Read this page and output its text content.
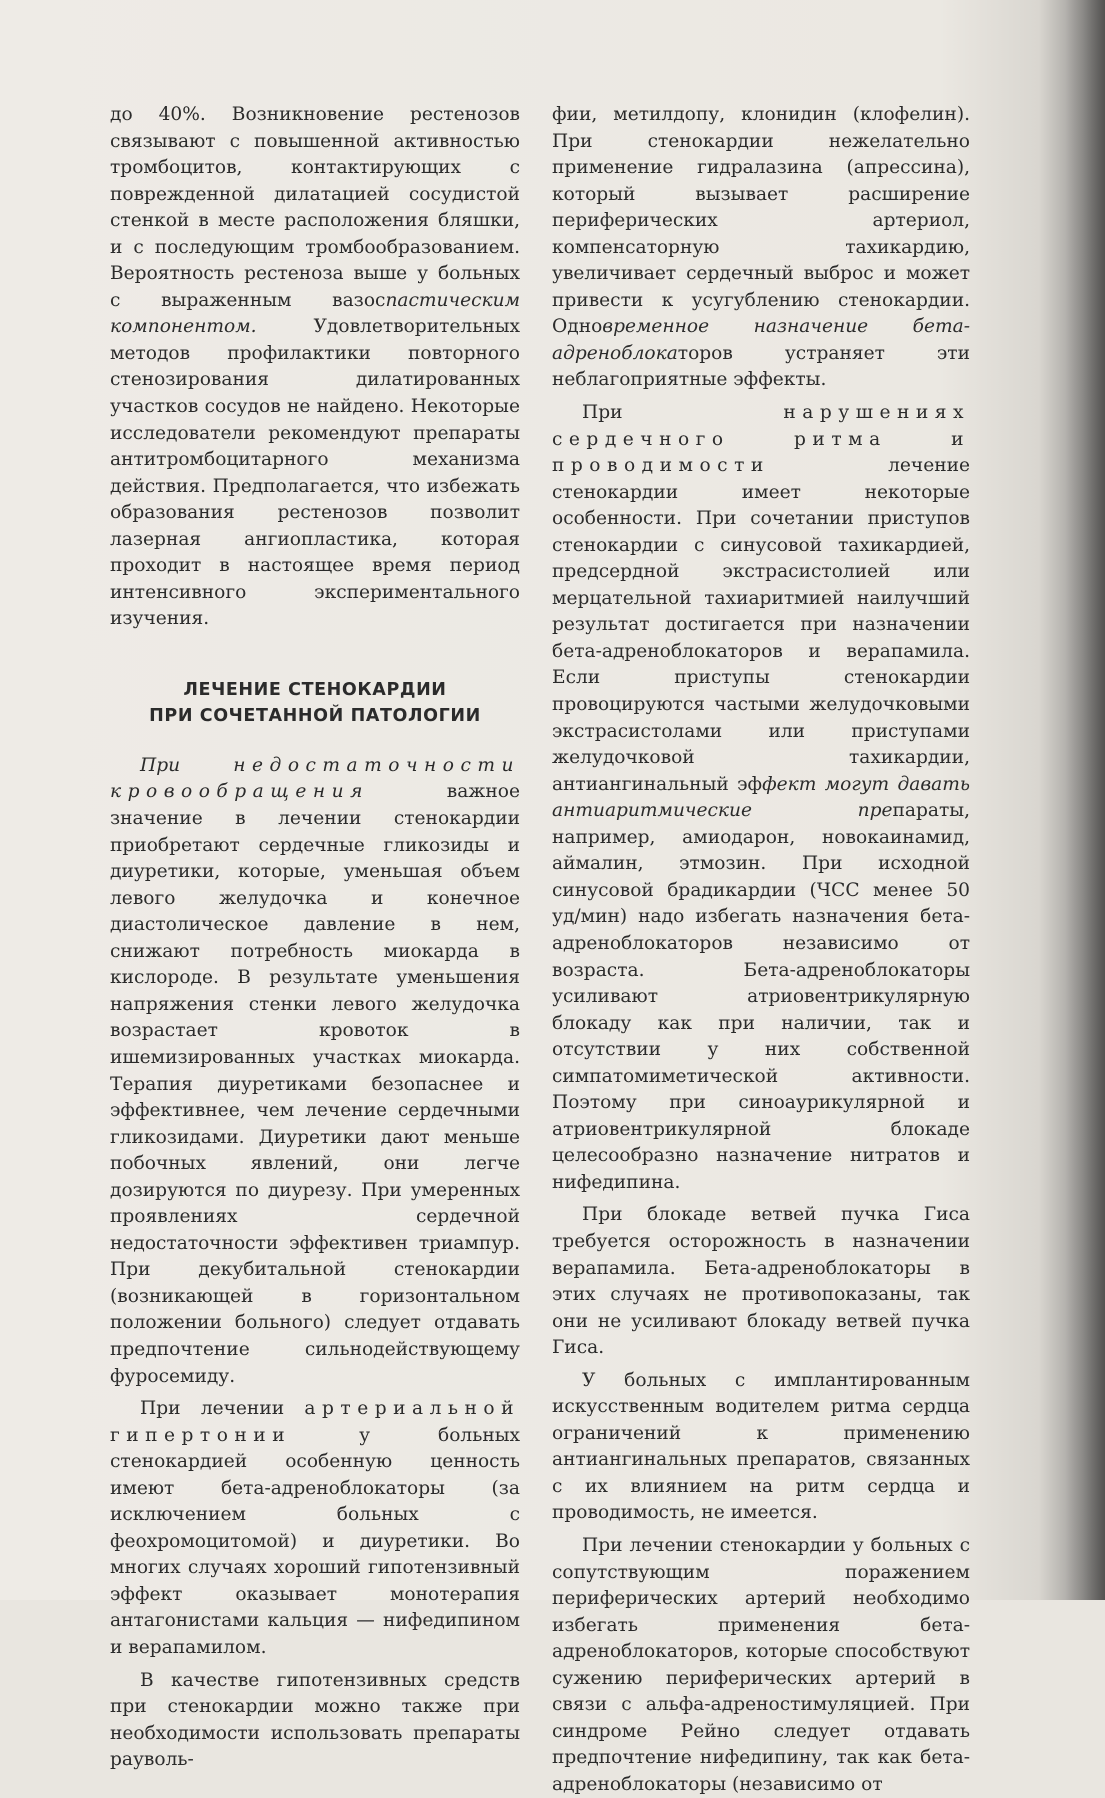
до 40%. Возникновение рестенозов связывают с повышенной активностью тромбоцитов, контактирующих с поврежденной дилатацией сосудистой стенкой в месте расположения бляшки, и с последующим тромбообразованием. Вероятность рестеноза выше у больных с выраженным вазоспастическим компонентом. Удовлетворительных методов профилактики повторного стенозирования дилатированных участков сосудов не найдено. Некоторые исследователи рекомендуют препараты антитромбоцитарного механизма действия. Предполагается, что избежать образования рестенозов позволит лазерная ангиопластика, которая проходит в настоящее время период интенсивного экспериментального изучения.

ЛЕЧЕНИЕ СТЕНОКАРДИИ
ПРИ СОЧЕТАННОЙ ПАТОЛОГИИ

При недостаточности кровообращения важное значение в лечении стенокардии приобретают сердечные гликозиды и диуретики, которые, уменьшая объем левого желудочка и конечное диастолическое давление в нем, снижают потребность миокарда в кислороде. В результате уменьшения напряжения стенки левого желудочка возрастает кровоток в ишемизированных участках миокарда. Терапия диуретиками безопаснее и эффективнее, чем лечение сердечными гликозидами. Диуретики дают меньше побочных явлений, они легче дозируются по диурезу. При умеренных проявлениях сердечной недостаточности эффективен триампур. При декубитальной стенокардии (возникающей в горизонтальном положении больного) следует отдавать предпочтение сильнодействующему фуросемиду.

При лечении артериальной гипертонии у больных стенокардией особенную ценность имеют бета-адреноблокаторы (за исключением больных с феохромоцитомой) и диуретики. Во многих случаях хороший гипотензивный эффект оказывает монотерапия антагонистами кальция — нифедипином и верапамилом.

В качестве гипотензивных средств при стенокардии можно также при необходимости использовать препараты рауволь-

фии, метилдопу, клонидин (клофелин). При стенокардии нежелательно применение гидралазина (апрессина), который вызывает расширение периферических артериол, компенсаторную тахикардию, увеличивает сердечный выброс и может привести к усугублению стенокардии. Одновременное назначение бета-адреноблокаторов устраняет эти неблагоприятные эффекты.

При нарушениях сердечного ритма и проводимости лечение стенокардии имеет некоторые особенности. При сочетании приступов стенокардии с синусовой тахикардией, предсердной экстрасистолией или мерцательной тахиаритмией наилучший результат достигается при назначении бета-адреноблокаторов и верапамила. Если приступы стенокардии провоцируются частыми желудочковыми экстрасистолами или приступами желудочковой тахикардии, антиангинальный эффект могут давать антиаритмические препараты, например, амиодарон, новокаинамид, аймалин, этмозин. При исходной синусовой брадикардии (ЧСС менее 50 уд/мин) надо избегать назначения бета-адреноблокаторов независимо от возраста. Бета-адреноблокаторы усиливают атриовентрикулярную блокаду как при наличии, так и отсутствии у них собственной симпатомиметической активности. Поэтому при синоаурикулярной и атриовентрикулярной блокаде целесообразно назначение нитратов и нифедипина.

При блокаде ветвей пучка Гиса требуется осторожность в назначении верапамила. Бета-адреноблокаторы в этих случаях не противопоказаны, так они не усиливают блокаду ветвей пучка Гиса.

У больных с имплантированным искусственным водителем ритма сердца ограничений к применению антиангинальных препаратов, связанных с их влиянием на ритм сердца и проводимость, не имеется.

При лечении стенокардии у больных с сопутствующим поражением периферических артерий необходимо избегать применения бета-адреноблокаторов, которые способствуют сужению периферических артерий в связи с альфа-адреностимуляцией. При синдроме Рейно следует отдавать предпочтение нифедипину, так как бета-адреноблокаторы (независимо от
